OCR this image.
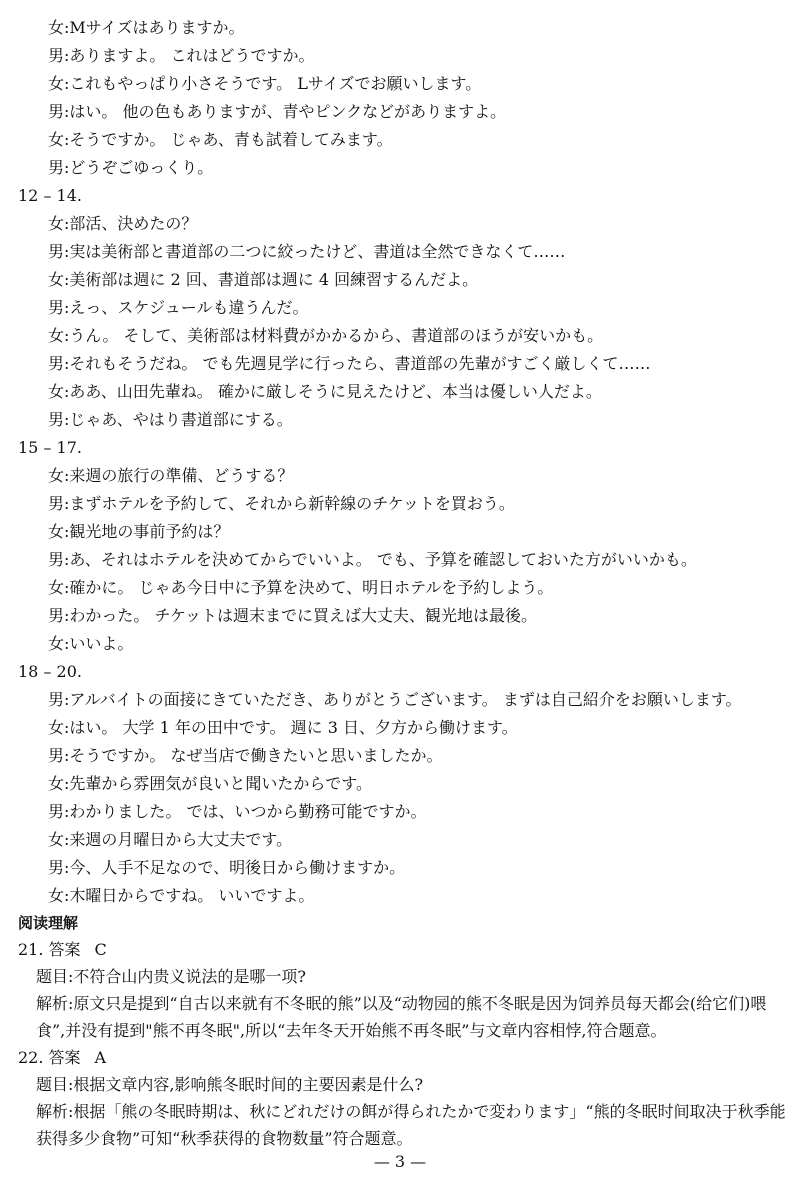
女:Mサイズはありますか。
男:ありますよ。 これはどうですか。
女:これもやっぱり小さそうです。 Lサイズでお願いします。
男:はい。 他の色もありますが、青やピンクなどがありますよ。
女:そうですか。 じゃあ、青も試着してみます。
男:どうぞごゆっくり。
12 – 14.
女:部活、決めたの？
男:実は美術部と書道部の二つに絞ったけど、書道は全然できなくて……
女:美術部は週に 2 回、書道部は週に 4 回練習するんだよ。
男:えっ、スケジュールも違うんだ。
女:うん。 そして、美術部は材料費がかかるから、書道部のほうが安いかも。
男:それもそうだね。 でも先週見学に行ったら、書道部の先輩がすごく厳しくて……
女:ああ、山田先輩ね。 確かに厳しそうに見えたけど、本当は優しい人だよ。
男:じゃあ、やはり書道部にする。
15 – 17.
女:来週の旅行の準備、どうする？
男:まずホテルを予約して、それから新幹線のチケットを買おう。
女:観光地の事前予約は？
男:あ、それはホテルを決めてからでいいよ。 でも、予算を確認しておいた方がいいかも。
女:確かに。 じゃあ今日中に予算を決めて、明日ホテルを予約しよう。
男:わかった。 チケットは週末までに買えば大丈夫、観光地は最後。
女:いいよ。
18 – 20.
男:アルバイトの面接にきていただき、ありがとうございます。 まずは自己紹介をお願いします。
女:はい。 大学 1 年の田中です。 週に 3 日、夕方から働けます。
男:そうですか。 なぜ当店で働きたいと思いましたか。
女:先輩から雰囲気が良いと聞いたからです。
男:わかりました。 では、いつから勤務可能ですか。
女:来週の月曜日から大丈夫です。
男:今、人手不足なので、明後日から働けますか。
女:木曜日からですね。 いいですよ。
阅读理解
21. 答案 C
题目:不符合山内贵义说法的是哪一项?
解析:原文只是提到“自古以来就有不冬眠的熊”以及“动物园的熊不冬眠是因为饲养员每天都会(给它们)喂
食”,并没有提到"熊不再冬眠",所以“去年冬天开始熊不再冬眠”与文章内容相悖,符合题意。
22. 答案 A
题目:根据文章内容,影响熊冬眠时间的主要因素是什么?
解析:根据「熊の冬眠時期は、秋にどれだけの餌が得られたかで変わります」“熊的冬眠时间取决于秋季能
获得多少食物”可知“秋季获得的食物数量”符合题意。
— 3 —
